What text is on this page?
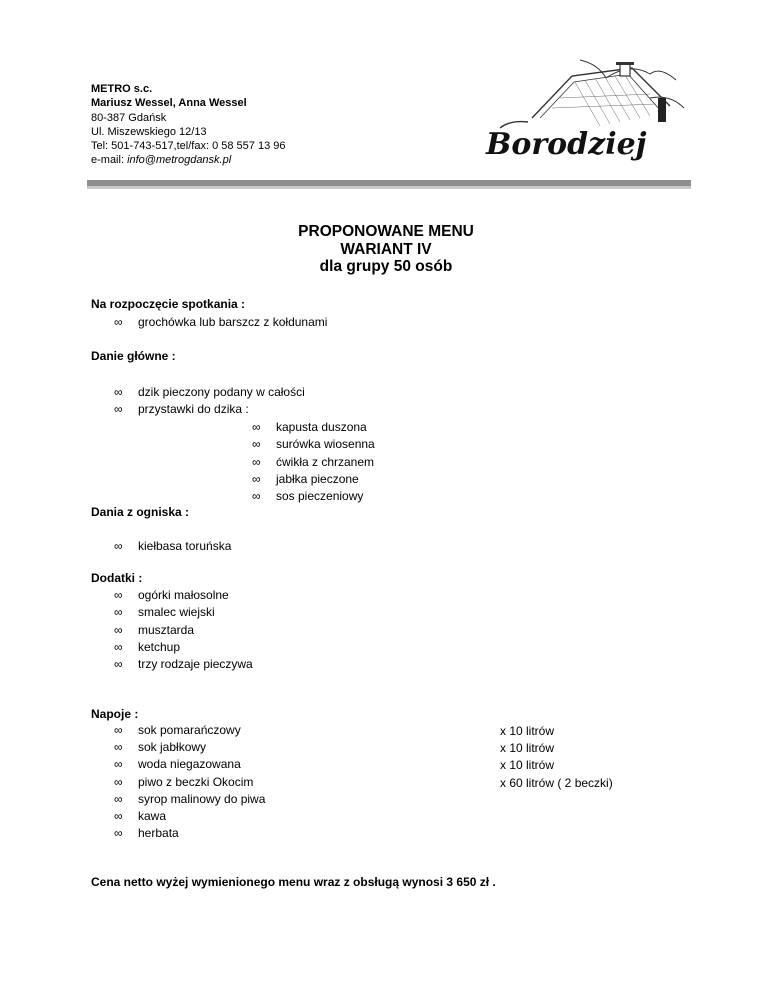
METRO s.c.
Mariusz Wessel, Anna Wessel
80-387 Gdańsk
Ul. Miszewskiego 12/13
Tel: 501-743-517,tel/fax: 0 58 557 13 96
e-mail: info@metrogdansk.pl	Borodziej
PROPONOWANE MENU
WARIANT IV
dla grupy 50 osób
Na rozpoczęcie spotkania :
∞ grochówka lub barszcz z kołdunami
Danie główne :
∞ dzik pieczony podany w całości
∞ przystawki do dzika :
∞ kapusta duszona
∞ surówka wiosenna
∞ ćwikła z chrzanem
∞ jabłka pieczone
∞ sos pieczeniowy
Dania z ogniska :
∞ kiełbasa toruńska
Dodatki :
∞ ogórki małosolne
∞ smalec wiejski
∞ musztarda
∞ ketchup
∞ trzy rodzaje pieczywa
Napoje :
∞ sok pomarańczowy
∞ sok jabłkowy
∞ woda niegazowana
∞ piwo z beczki Okocim
∞ syrop malinowy do piwa
∞ kawa
∞ herbata
x 10 litrów
x 10 litrów
x 10 litrów
x 60 litrów ( 2 beczki)
Cena netto wyżej wymienionego menu wraz z obsługą wynosi 3 650 zł .
